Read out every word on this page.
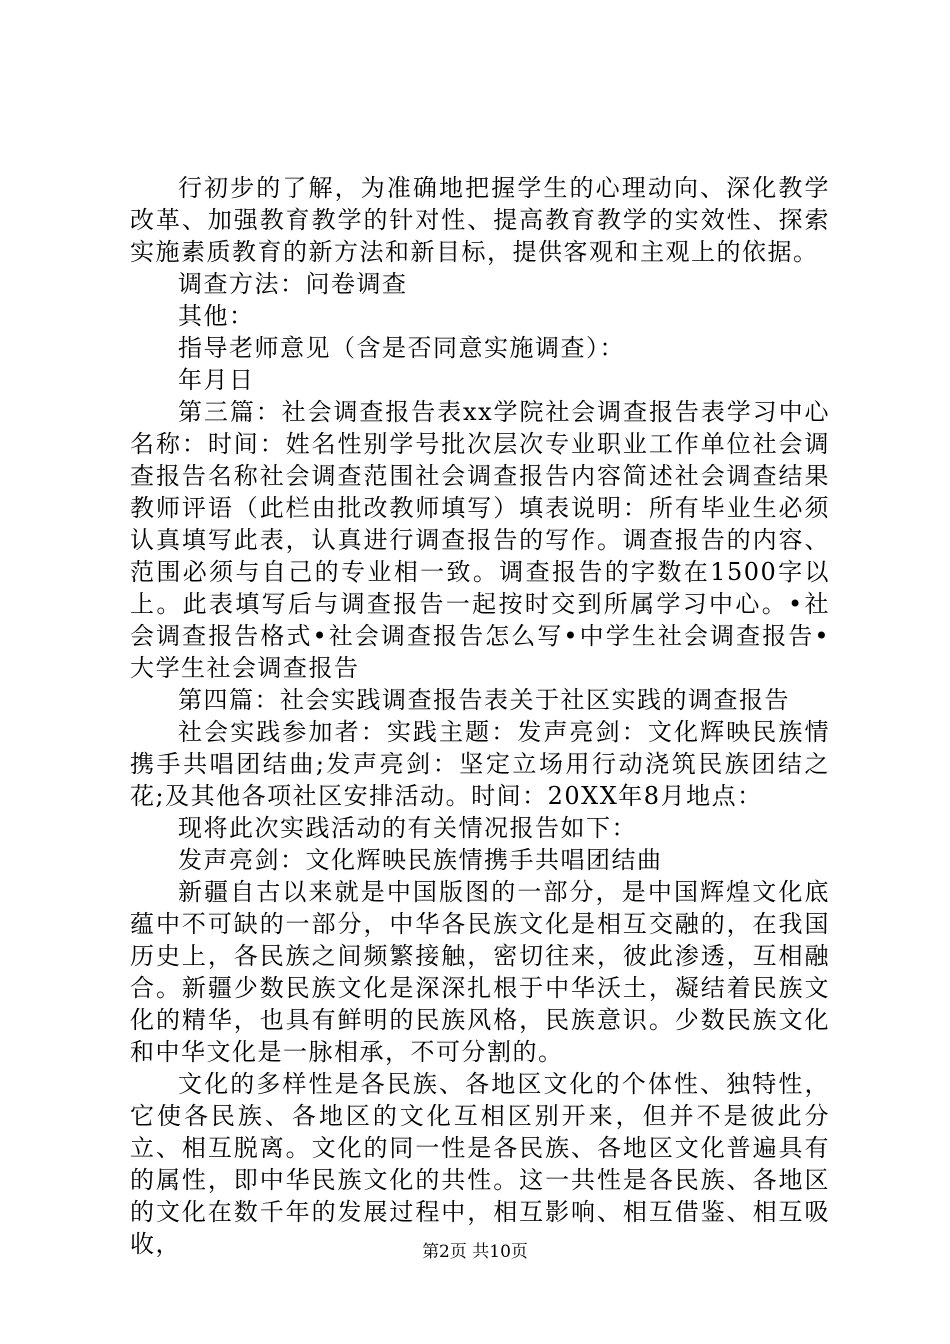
行初步的了解，为准确地把握学生的心理动向、深化教学改革、加强教育教学的针对性、提高教育教学的实效性、探索实施素质教育的新方法和新目标，提供客观和主观上的依据。

调查方法：问卷调查

其他：

指导老师意见（含是否同意实施调查）：

年月日

第三篇：社会调查报告表xx学院社会调查报告表学习中心名称：时间：姓名性别学号批次层次专业职业工作单位社会调查报告名称社会调查范围社会调查报告内容简述社会调查结果教师评语（此栏由批改教师填写）填表说明：所有毕业生必须认真填写此表，认真进行调查报告的写作。调查报告的内容、范围必须与自己的专业相一致。调查报告的字数在1500字以上。此表填写后与调查报告一起按时交到所属学习中心。•社会调查报告格式•社会调查报告怎么写•中学生社会调查报告•大学生社会调查报告

第四篇：社会实践调查报告表关于社区实践的调查报告

社会实践参加者：实践主题：发声亮剑：文化辉映民族情携手共唱团结曲;发声亮剑：坚定立场用行动浇筑民族团结之花;及其他各项社区安排活动。时间：20XX年8月地点：

现将此次实践活动的有关情况报告如下：

发声亮剑：文化辉映民族情携手共唱团结曲

新疆自古以来就是中国版图的一部分，是中国辉煌文化底蕴中不可缺的一部分，中华各民族文化是相互交融的，在我国历史上，各民族之间频繁接触，密切往来，彼此渗透，互相融合。新疆少数民族文化是深深扎根于中华沃土，凝结着民族文化的精华，也具有鲜明的民族风格，民族意识。少数民族文化和中华文化是一脉相承，不可分割的。

文化的多样性是各民族、各地区文化的个体性、独特性，它使各民族、各地区的文化互相区别开来，但并不是彼此分立、相互脱离。文化的同一性是各民族、各地区文化普遍具有的属性，即中华民族文化的共性。这一共性是各民族、各地区的文化在数千年的发展过程中，相互影响、相互借鉴、相互吸收，	第2页 共10页
